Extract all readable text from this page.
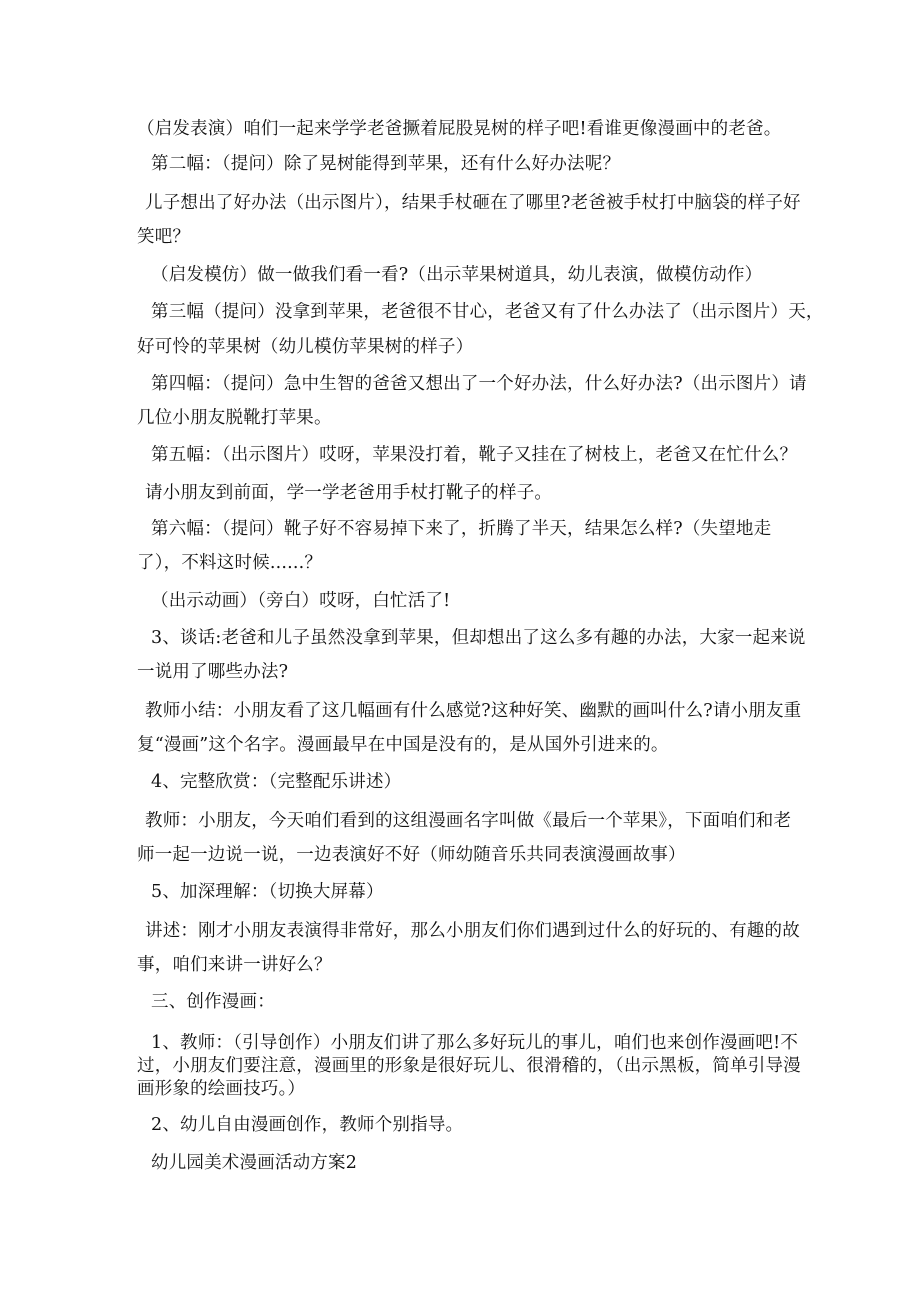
（启发表演）咱们一起来学学老爸撅着屁股晃树的样子吧!看谁更像漫画中的老爸。
第二幅：（提问）除了晃树能得到苹果，还有什么好办法呢？
儿子想出了好办法（出示图片），结果手杖砸在了哪里?老爸被手杖打中脑袋的样子好
笑吧？
（启发模仿）做一做我们看一看?（出示苹果树道具，幼儿表演，做模仿动作）
第三幅（提问）没拿到苹果，老爸很不甘心，老爸又有了什么办法了（出示图片）天，
好可怜的苹果树（幼儿模仿苹果树的样子）
第四幅：（提问）急中生智的爸爸又想出了一个好办法，什么好办法?（出示图片）请
几位小朋友脱靴打苹果。
第五幅：（出示图片）哎呀，苹果没打着，靴子又挂在了树枝上，老爸又在忙什么？
请小朋友到前面，学一学老爸用手杖打靴子的样子。
第六幅：（提问）靴子好不容易掉下来了，折腾了半天，结果怎么样?（失望地走
了），不料这时候......？
（出示动画）（旁白）哎呀，白忙活了!
3、谈话:老爸和儿子虽然没拿到苹果，但却想出了这么多有趣的办法，大家一起来说
一说用了哪些办法?
教师小结：小朋友看了这几幅画有什么感觉?这种好笑、幽默的画叫什么?请小朋友重
复“漫画”这个名字。漫画最早在中国是没有的，是从国外引进来的。
4、完整欣赏：（完整配乐讲述）
教师：小朋友，今天咱们看到的这组漫画名字叫做《最后一个苹果》，下面咱们和老
师一起一边说一说，一边表演好不好（师幼随音乐共同表演漫画故事）
5、加深理解：（切换大屏幕）
讲述：刚才小朋友表演得非常好，那么小朋友们你们遇到过什么的好玩的、有趣的故
事，咱们来讲一讲好么？
三、创作漫画：
1、教师：（引导创作）小朋友们讲了那么多好玩儿的事儿，咱们也来创作漫画吧!不
过，小朋友们要注意，漫画里的形象是很好玩儿、很滑稽的，（出示黑板，简单引导漫
画形象的绘画技巧。）
2、幼儿自由漫画创作，教师个别指导。
幼儿园美术漫画活动方案2
